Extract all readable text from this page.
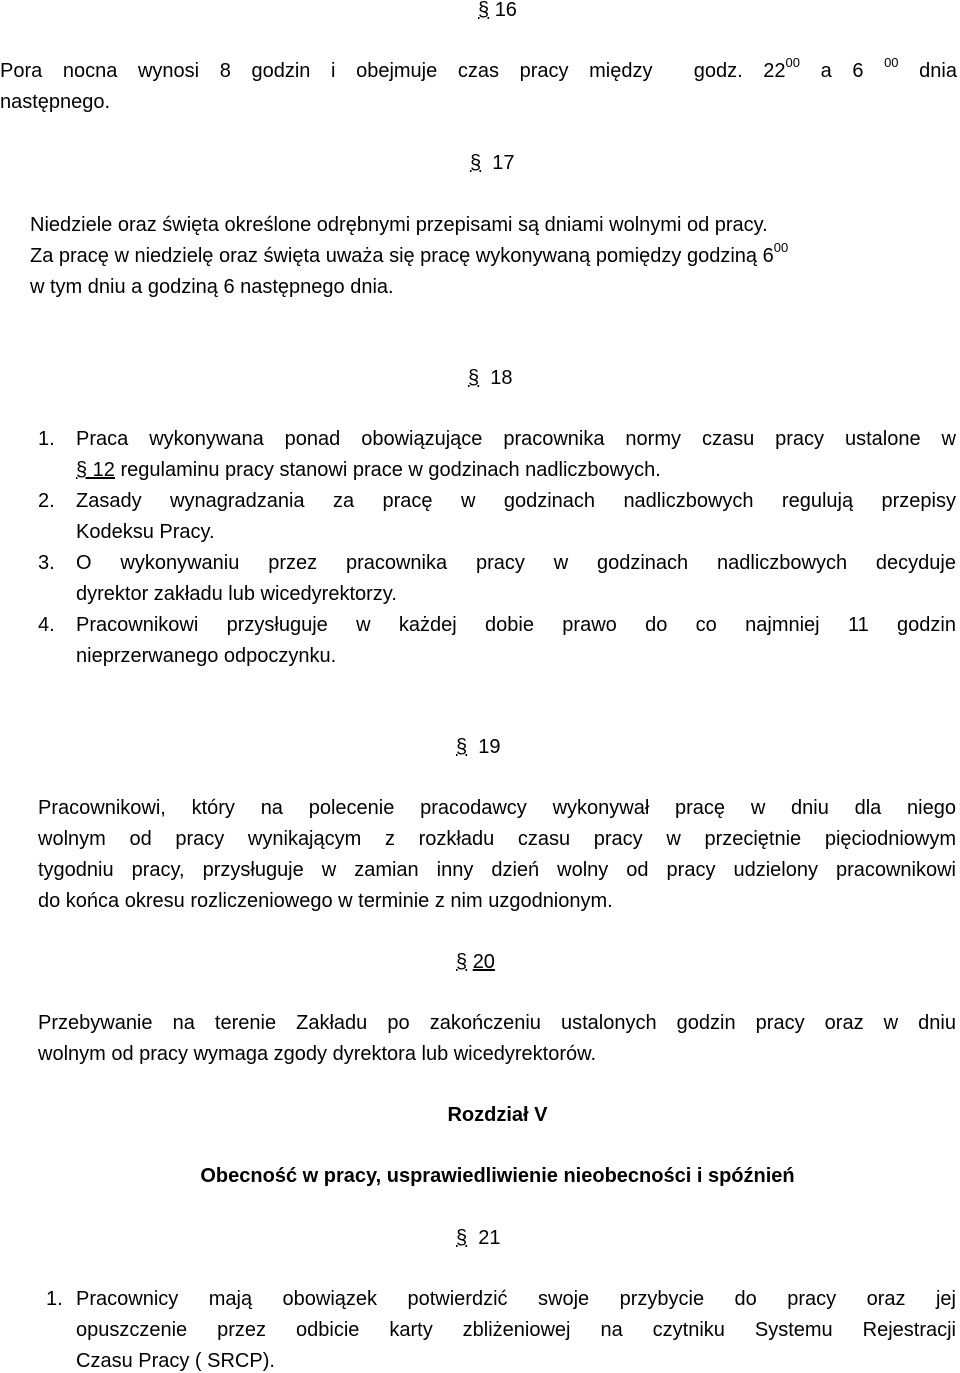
§ 16
Pora nocna wynosi 8 godzin i obejmuje czas pracy między godz. $22^{00}$ a 6 $^{00}$ dnia
następnego.
§ 17
Niedziele oraz święta określone odrębnymi przepisami są dniami wolnymi od pracy.
Za pracę w niedzielę oraz święta uważa się pracę wykonywaną pomiędzy godziną $6^{00}$
w tym dniu a godziną 6 następnego dnia.
§ 18
1. Praca wykonywana ponad obowiązujące pracownika normy czasu pracy ustalone w
§ 12 regulaminu pracy stanowi prace w godzinach nadliczbowych.
2. Zasady wynagradzania za pracę w godzinach nadliczbowych regulują przepisy
Kodeksu Pracy.
3. O wykonywaniu przez pracownika pracy w godzinach nadliczbowych decyduje
dyrektor zakładu lub wicedyrektorzy.
4. Pracownikowi przysługuje w każdej dobie prawo do co najmniej 11 godzin
nieprzerwanego odpoczynku.
§ 19
Pracownikowi, który na polecenie pracodawcy wykonywał pracę w dniu dla niego
wolnym od pracy wynikającym z rozkładu czasu pracy w przeciętnie pięciodniowym
tygodniu pracy, przysługuje w zamian inny dzień wolny od pracy udzielony pracownikowi
do końca okresu rozliczeniowego w terminie z nim uzgodnionym.
§ 20
Przebywanie na terenie Zakładu po zakończeniu ustalonych godzin pracy oraz w dniu
wolnym od pracy wymaga zgody dyrektora lub wicedyrektorów.
Rozdział V
Obecność w pracy, usprawiedliwienie nieobecności i spóźnień
§ 21
1. Pracownicy mają obowiązek potwierdzić swoje przybycie do pracy oraz jej
opuszczenie przez odbicie karty zbliżeniowej na czytniku Systemu Rejestracji
Czasu Pracy ( SRCP).
